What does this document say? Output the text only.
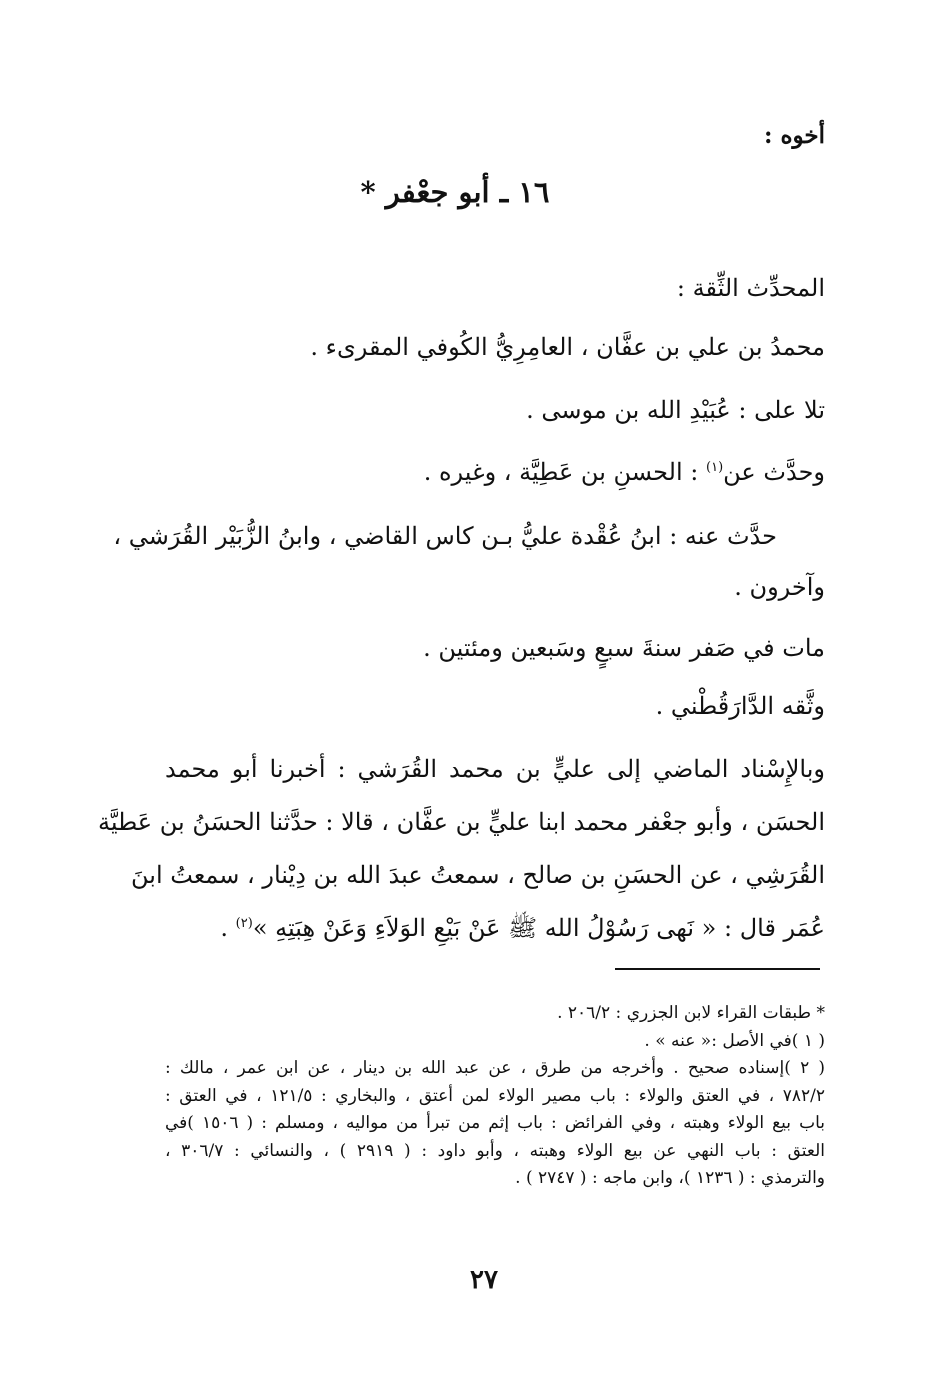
أخوه :
١٦ ـ أبو جعْفر *
المحدِّث الثِّقة :
محمدُ بن علي بن عفَّان ، العامِرِيُّ الكُوفي المقرىء .
تلا على : عُبَيْدِ الله بن موسى .
وحدَّث عن$^{(١)}$ : الحسنِ بن عَطِيَّة ، وغيره .
حدَّث عنه : ابنُ عُقْدة عليُّ بـن كاس القاضي ، وابنُ الزُّبَيْر القُرَشي ،
وآخرون .
مات في صَفر سنةَ سبعٍ وسَبعين ومئتين .
وثَّقه الدَّارَقُطْني .
وبالإِسْناد الماضي إلى عليٍّ بن محمد القُرَشي : أخبرنا أبو محمد
الحسَن ، وأبو جعْفر محمد ابنا عليٍّ بن عفَّان ، قالا : حدَّثنا الحسَنُ بن عَطيَّة
القُرَشِي ، عن الحسَنِ بن صالح ، سمعتُ عبدَ الله بن دِيْنار ، سمعتُ ابنَ
عُمَر قال : « نَهى رَسُوْلُ الله ﷺ عَنْ بَيْعِ الوَلاَءِ وَعَنْ هِبَتِهِ »$^{(٢)}$ .
* طبقات القراء لابن الجزري : ٢٠٦/٢ .
( ١ )في الأصل :« عنه » .
( ٢ )إسناده صحيح . وأخرجه من طرق ، عن عبد الله بن دينار ، عن ابن عمر ، مالك :
٧٨٢/٢ ، في العتق والولاء : باب مصير الولاء لمن أعتق ، والبخاري : ١٢١/٥ ، في العتق :
باب بيع الولاء وهبته ، وفي الفرائض : باب إثم من تبرأ من مواليه ، ومسلم : ( ١٥٠٦ )في
العتق : باب النهي عن بيع الولاء وهبته ، وأبو داود : ( ٢٩١٩ ) ، والنسائي : ٣٠٦/٧ ،
والترمذي : ( ١٢٣٦ )، وابن ماجه : ( ٢٧٤٧ ) .
٢٧
